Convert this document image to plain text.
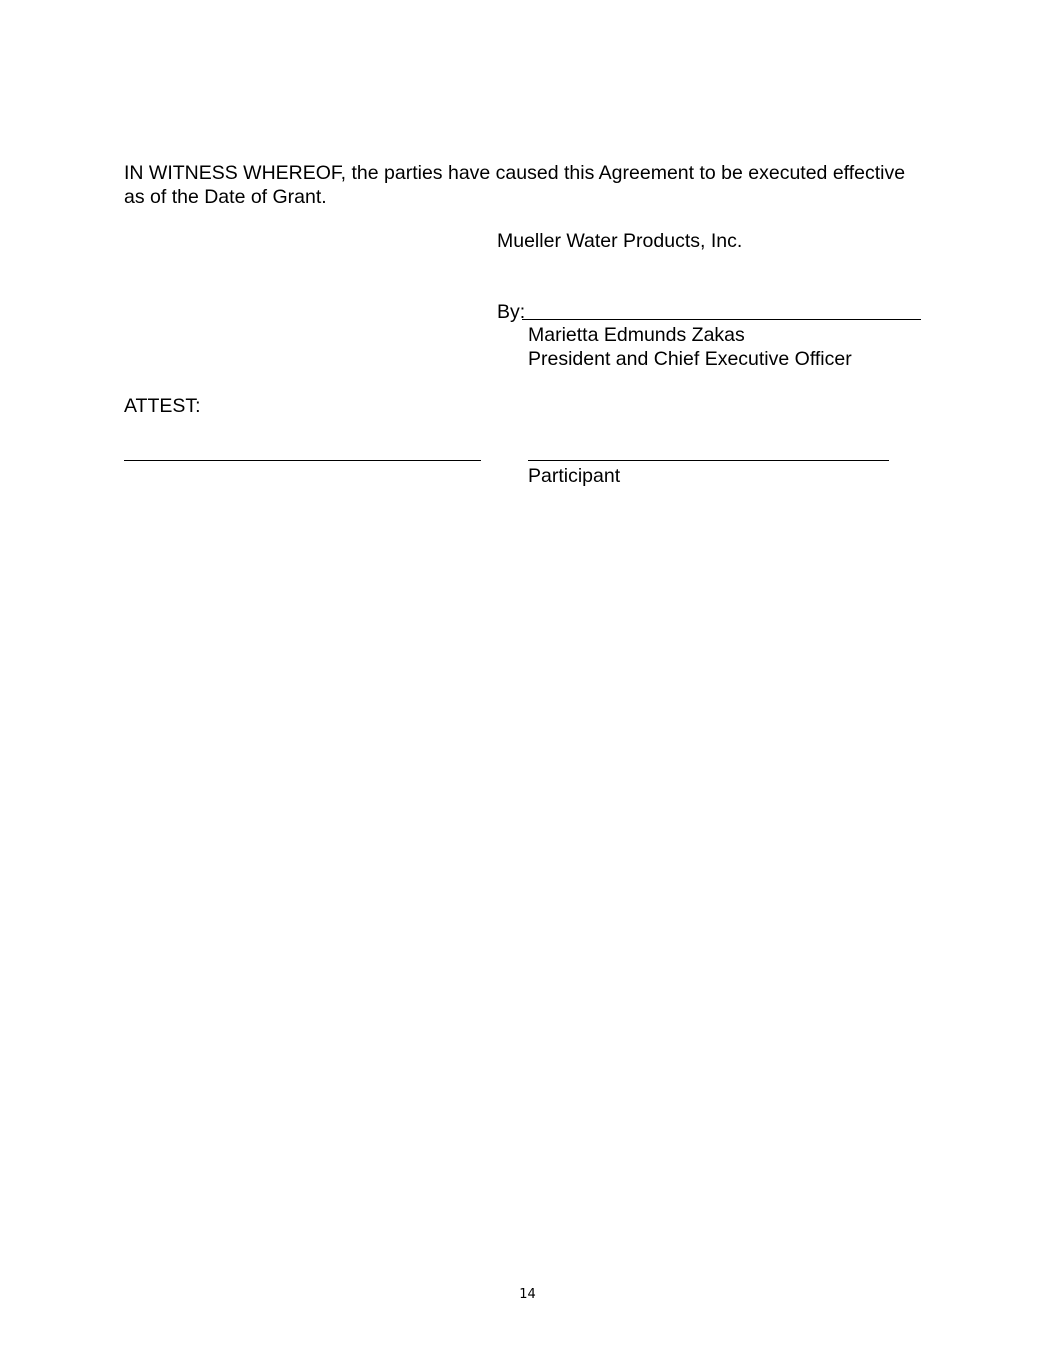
IN WITNESS WHEREOF, the parties have caused this Agreement to be executed effective as of the Date of Grant.
Mueller Water Products, Inc.
By:
Marietta Edmunds Zakas
President and Chief Executive Officer
ATTEST:
Participant
14
